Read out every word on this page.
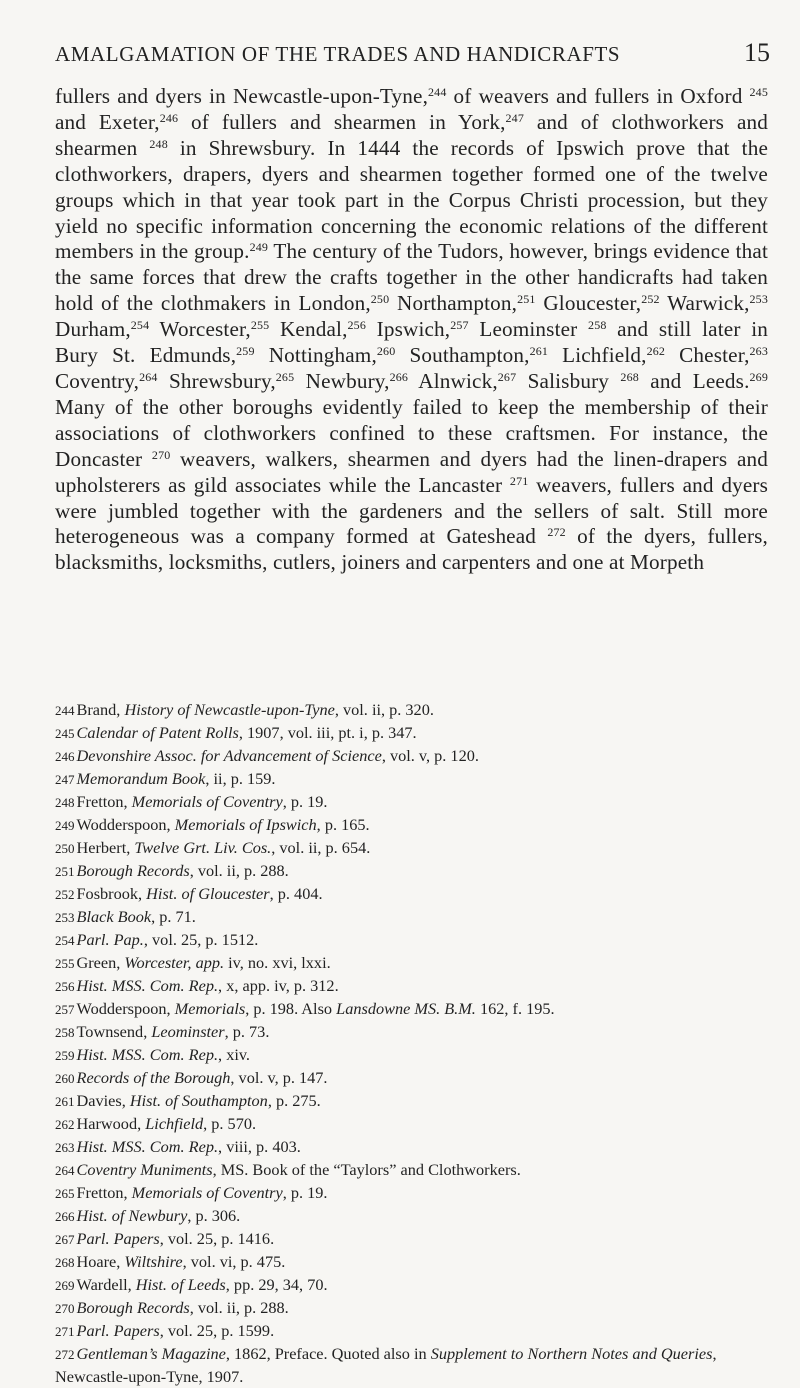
AMALGAMATION OF THE TRADES AND HANDICRAFTS	15

fullers and dyers in Newcastle-upon-Tyne,$^{244}$ of weavers and fullers in Oxford $^{245}$ and Exeter,$^{246}$ of fullers and shearmen in York,$^{247}$ and of clothworkers and shearmen $^{248}$ in Shrewsbury. In 1444 the records of Ipswich prove that the clothworkers, drapers, dyers and shearmen together formed one of the twelve groups which in that year took part in the Corpus Christi procession, but they yield no specific information concerning the economic relations of the different members in the group.$^{249}$ The century of the Tudors, however, brings evidence that the same forces that drew the crafts together in the other handicrafts had taken hold of the clothmakers in London,$^{250}$ Northampton,$^{251}$ Gloucester,$^{252}$ Warwick,$^{253}$ Durham,$^{254}$ Worcester,$^{255}$ Kendal,$^{256}$ Ipswich,$^{257}$ Leominster $^{258}$ and still later in Bury St. Edmunds,$^{259}$ Nottingham,$^{260}$ Southampton,$^{261}$ Lichfield,$^{262}$ Chester,$^{263}$ Coventry,$^{264}$ Shrewsbury,$^{265}$ Newbury,$^{266}$ Alnwick,$^{267}$ Salisbury $^{268}$ and Leeds.$^{269}$ Many of the other boroughs evidently failed to keep the membership of their associations of clothworkers confined to these craftsmen. For instance, the Doncaster $^{270}$ weavers, walkers, shearmen and dyers had the linen-drapers and upholsterers as gild associates while the Lancaster $^{271}$ weavers, fullers and dyers were jumbled together with the gardeners and the sellers of salt. Still more heterogeneous was a company formed at Gateshead $^{272}$ of the dyers, fullers, blacksmiths, locksmiths, cutlers, joiners and carpenters and one at Morpeth

244 Brand, History of Newcastle-upon-Tyne, vol. ii, p. 320.
245 Calendar of Patent Rolls, 1907, vol. iii, pt. i, p. 347.
246 Devonshire Assoc. for Advancement of Science, vol. v, p. 120.
247 Memorandum Book, ii, p. 159.
248 Fretton, Memorials of Coventry, p. 19.
249 Wodderspoon, Memorials of Ipswich, p. 165.
250 Herbert, Twelve Grt. Liv. Cos., vol. ii, p. 654.
251 Borough Records, vol. ii, p. 288.
252 Fosbrook, Hist. of Gloucester, p. 404.
253 Black Book, p. 71.
254 Parl. Pap., vol. 25, p. 1512.
255 Green, Worcester, app. iv, no. xvi, lxxi.
256 Hist. MSS. Com. Rep., x, app. iv, p. 312.
257 Wodderspoon, Memorials, p. 198. Also Lansdowne MS. B.M. 162, f. 195.
258 Townsend, Leominster, p. 73.
259 Hist. MSS. Com. Rep., xiv.
260 Records of the Borough, vol. v, p. 147.
261 Davies, Hist. of Southampton, p. 275.
262 Harwood, Lichfield, p. 570.
263 Hist. MSS. Com. Rep., viii, p. 403.
264 Coventry Muniments, MS. Book of the “Taylors” and Clothworkers.
265 Fretton, Memorials of Coventry, p. 19.
266 Hist. of Newbury, p. 306.
267 Parl. Papers, vol. 25, p. 1416.
268 Hoare, Wiltshire, vol. vi, p. 475.
269 Wardell, Hist. of Leeds, pp. 29, 34, 70.
270 Borough Records, vol. ii, p. 288.
271 Parl. Papers, vol. 25, p. 1599.
272 Gentleman’s Magazine, 1862, Preface. Quoted also in Supplement to Northern Notes and Queries, Newcastle-upon-Tyne, 1907.
